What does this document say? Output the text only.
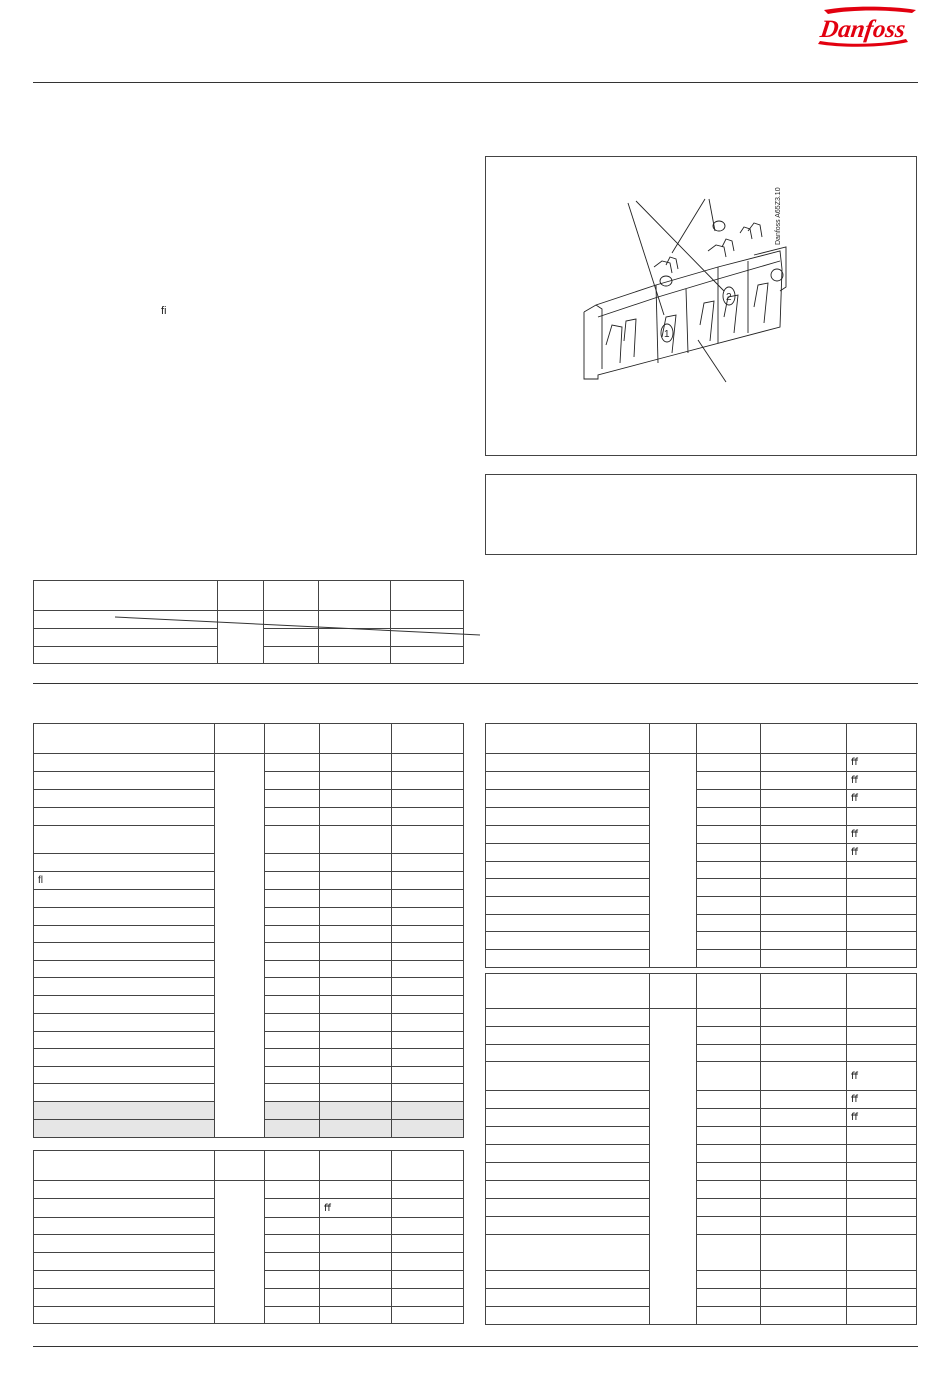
Danfoss
ﬁ
1
2
Danfoss A65Z3.10

ﬂ				

			ﬀ	

				ﬀ
				ﬀ
				ﬀ

				ﬀ
				ﬀ

				ﬀ
				ﬀ
				ﬀ
